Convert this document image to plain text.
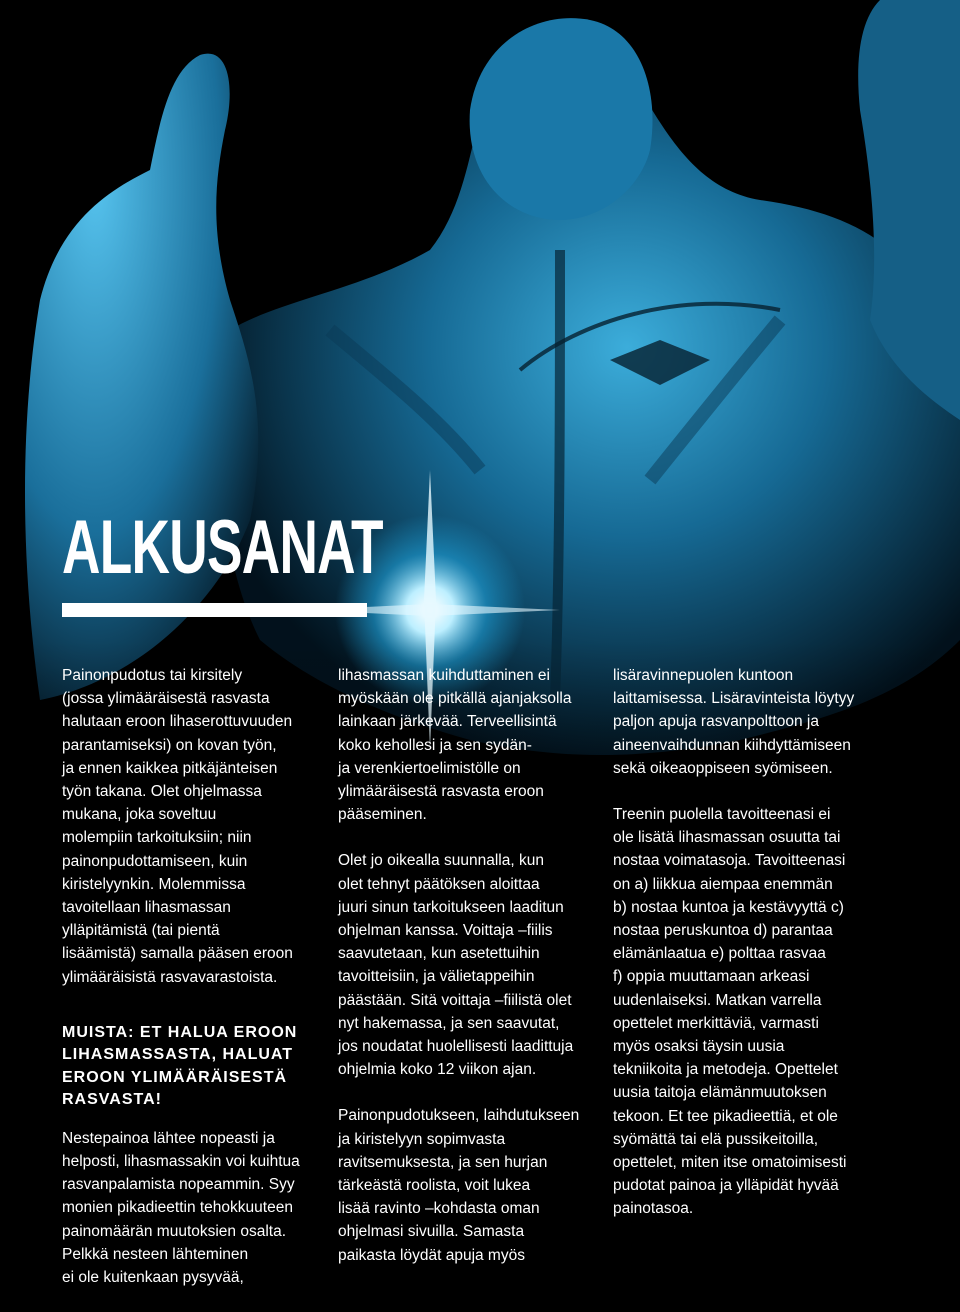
ALKUSANAT

Painonpudotus tai kirsitely
(jossa ylimääräisestä rasvasta
halutaan eroon lihaserottuvuuden
parantamiseksi) on kovan työn,
ja ennen kaikkea pitkäjänteisen
työn takana. Olet ohjelmassa
mukana, joka soveltuu
molempiin tarkoituksiin; niin
painonpudottamiseen, kuin
kiristelyynkin. Molemmissa
tavoitellaan lihasmassan
ylläpitämistä (tai pientä
lisäämistä) samalla pääsen eroon
ylimääräisistä rasvavarastoista.

MUISTA: ET HALUA EROON
LIHASMASSASTA, HALUAT
EROON YLIMÄÄRÄISESTÄ
RASVASTA!

Nestepainoa lähtee nopeasti ja
helposti, lihasmassakin voi kuihtua
rasvanpalamista nopeammin. Syy
monien pikadieettin tehokkuuteen
painomäärän muutoksien osalta.
Pelkkä nesteen lähteminen
ei ole kuitenkaan pysyvää,

lihasmassan kuihduttaminen ei
myöskään ole pitkällä ajanjaksolla
lainkaan järkevää. Terveellisintä
koko kehollesi ja sen sydän-
ja verenkiertoelimistölle on
ylimääräisestä rasvasta eroon
pääseminen.

Olet jo oikealla suunnalla, kun
olet tehnyt päätöksen aloittaa
juuri sinun tarkoitukseen laaditun
ohjelman kanssa. Voittaja –fiilis
saavutetaan, kun asetettuihin
tavoitteisiin, ja välietappeihin
päästään. Sitä voittaja –fiilistä olet
nyt hakemassa, ja sen saavutat,
jos noudatat huolellisesti laadittuja
ohjelmia koko 12 viikon ajan.

Painonpudotukseen, laihdutukseen
ja kiristelyyn sopimvasta
ravitsemuksesta, ja sen hurjan
tärkeästä roolista, voit lukea
lisää ravinto –kohdasta oman
ohjelmasi sivuilla. Samasta
paikasta löydät apuja myös

lisäravinnepuolen kuntoon
laittamisessa. Lisäravinteista löytyy
paljon apuja rasvanpolttoon ja
aineenvaihdunnan kiihdyttämiseen
sekä oikeaoppiseen syömiseen.

Treenin puolella tavoitteenasi ei
ole lisätä lihasmassan osuutta tai
nostaa voimatasoja. Tavoitteenasi
on a) liikkua aiempaa enemmän
b) nostaa kuntoa ja kestävyyttä c)
nostaa peruskuntoa d) parantaa
elämänlaatua e) polttaa rasvaa
f) oppia muuttamaan arkeasi
uudenlaiseksi. Matkan varrella
opettelet merkittäviä, varmasti
myös osaksi täysin uusia
tekniikoita ja metodeja. Opettelet
uusia taitoja elämänmuutoksen
tekoon. Et tee pikadieettiä, et ole
syömättä tai elä pussikeitoilla,
opettelet, miten itse omatoimisesti
pudotat painoa ja ylläpidät hyvää
painotasoa.
